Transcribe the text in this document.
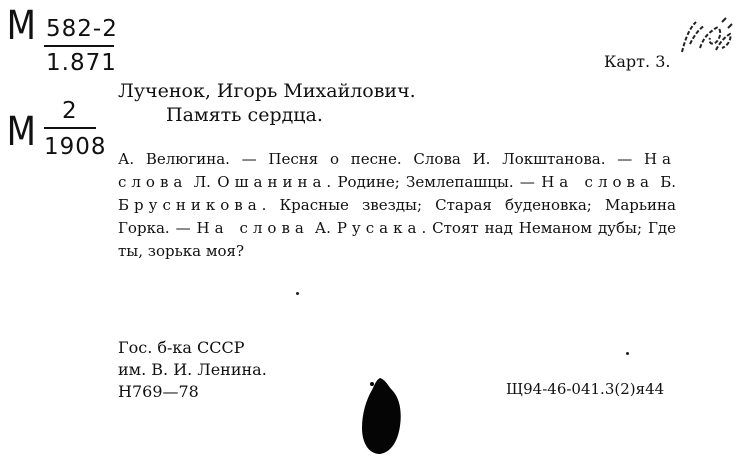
М 582-2
1.871
М 2
1908
Карт. 3.
Лученок, Игорь Михайлович.
Память сердца.
А. Велюгина. — Песня о песне. Слова И. Локштанова. — На слова Л. Ошанина. Родине; Землепашцы. — На слова Б. Брусникова. Красные звезды; Старая буденовка; Марьина Горка. — На слова А. Русака. Стоят над Неманом дубы; Где ты, зорька моя?
Гос. б-ка СССР
им. В. И. Ленина.
Н769—78	Щ94-46-041.3(2)я44
